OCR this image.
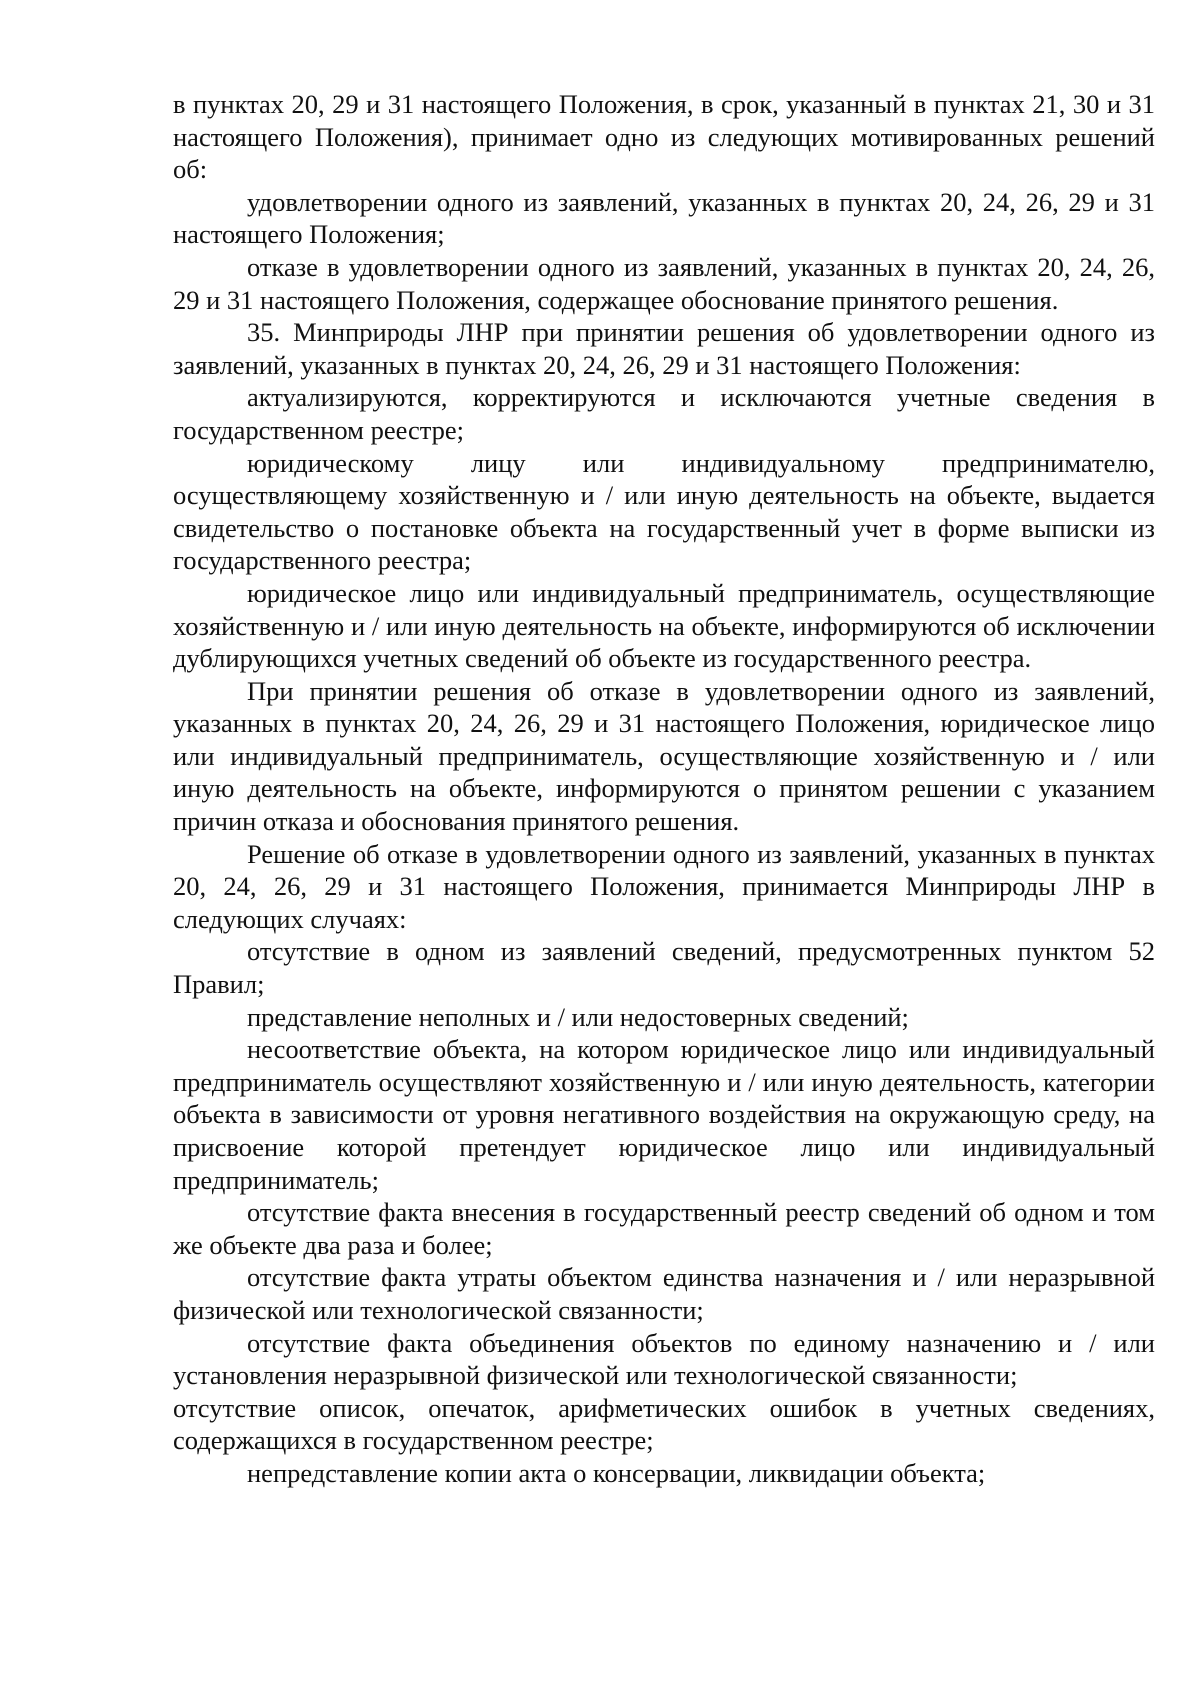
в пунктах 20, 29 и 31 настоящего Положения, в срок, указанный в пунктах 21, 30 и 31 настоящего Положения), принимает одно из следующих мотивированных решений об:

удовлетворении одного из заявлений, указанных в пунктах 20, 24, 26, 29 и 31 настоящего Положения;

отказе в удовлетворении одного из заявлений, указанных в пунктах 20, 24, 26, 29 и 31 настоящего Положения, содержащее обоснование принятого решения.

35. Минприроды ЛНР при принятии решения об удовлетворении одного из заявлений, указанных в пунктах 20, 24, 26, 29 и 31 настоящего Положения:

актуализируются, корректируются и исключаются учетные сведения в государственном реестре;

юридическому лицу или индивидуальному предпринимателю, осуществляющему хозяйственную и / или иную деятельность на объекте, выдается свидетельство о постановке объекта на государственный учет в форме выписки из государственного реестра;

юридическое лицо или индивидуальный предприниматель, осуществляющие хозяйственную и / или иную деятельность на объекте, информируются об исключении дублирующихся учетных сведений об объекте из государственного реестра.

При принятии решения об отказе в удовлетворении одного из заявлений, указанных в пунктах 20, 24, 26, 29 и 31 настоящего Положения, юридическое лицо или индивидуальный предприниматель, осуществляющие хозяйственную и / или иную деятельность на объекте, информируются о принятом решении с указанием причин отказа и обоснования принятого решения.

Решение об отказе в удовлетворении одного из заявлений, указанных в пунктах 20, 24, 26, 29 и 31 настоящего Положения, принимается Минприроды ЛНР в следующих случаях:

отсутствие в одном из заявлений сведений, предусмотренных пунктом 52 Правил;

представление неполных и / или недостоверных сведений;

несоответствие объекта, на котором юридическое лицо или индивидуальный предприниматель осуществляют хозяйственную и / или иную деятельность, категории объекта в зависимости от уровня негативного воздействия на окружающую среду, на присвоение которой претендует юридическое лицо или индивидуальный предприниматель;

отсутствие факта внесения в государственный реестр сведений об одном и том же объекте два раза и более;

отсутствие факта утраты объектом единства назначения и / или неразрывной физической или технологической связанности;

отсутствие факта объединения объектов по единому назначению и / или установления неразрывной физической или технологической связанности;

отсутствие описок, опечаток, арифметических ошибок в учетных сведениях, содержащихся в государственном реестре;

непредставление копии акта о консервации, ликвидации объекта;
